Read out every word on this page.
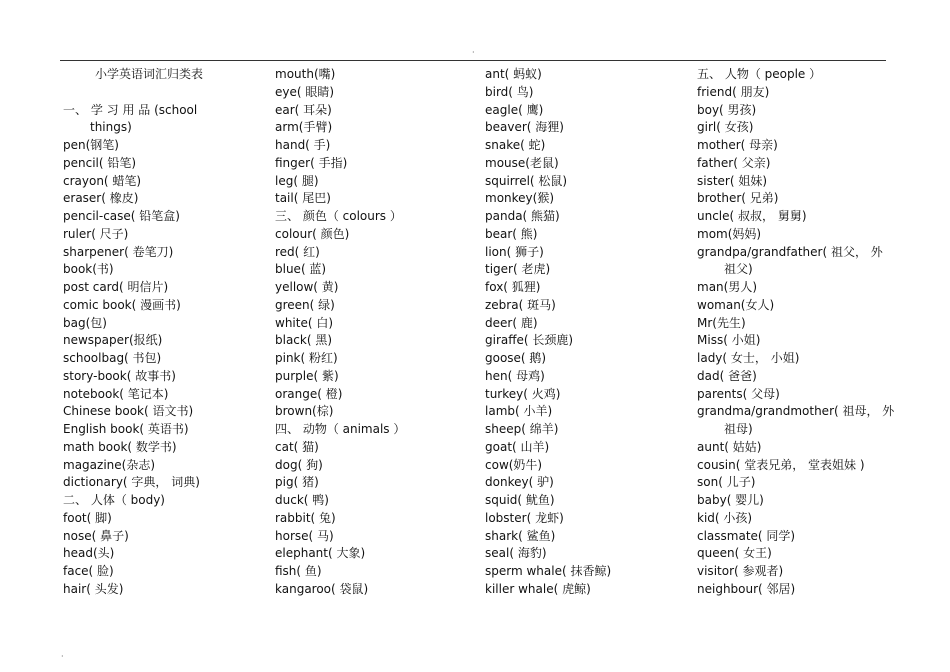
·
·
小学英语词汇归类表
一、 学 习 用 品 (school
things)
pen(钢笔)
pencil( 铅笔)
crayon( 蜡笔)
eraser( 橡皮)
pencil-case( 铅笔盒)
ruler( 尺子)
sharpener( 卷笔刀)
book(书)
post card( 明信片)
comic book( 漫画书)
bag(包)
newspaper(报纸)
schoolbag( 书包)
story-book( 故事书)
notebook( 笔记本)
Chinese book( 语文书)
English book( 英语书)
math book( 数学书)
magazine(杂志)
dictionary( 字典， 词典)
二、 人体（ body)
foot( 脚)
nose( 鼻子)
head(头)
face( 脸)
hair( 头发)
mouth(嘴)
eye( 眼睛)
ear( 耳朵)
arm(手臂)
hand( 手)
finger( 手指)
leg( 腿)
tail( 尾巴)
三、 颜色（ colours ）
colour( 颜色)
red( 红)
blue( 蓝)
yellow( 黄)
green( 绿)
white( 白)
black( 黑)
pink( 粉红)
purple( 紫)
orange( 橙)
brown(棕)
四、 动物（ animals ）
cat( 猫)
dog( 狗)
pig( 猪)
duck( 鸭)
rabbit( 兔)
horse( 马)
elephant( 大象)
fish( 鱼)
kangaroo( 袋鼠)
ant( 蚂蚁)
bird( 鸟)
eagle( 鹰)
beaver( 海狸)
snake( 蛇)
mouse(老鼠)
squirrel( 松鼠)
monkey(猴)
panda( 熊猫)
bear( 熊)
lion( 狮子)
tiger( 老虎)
fox( 狐狸)
zebra( 斑马)
deer( 鹿)
giraffe( 长颈鹿)
goose( 鹅)
hen( 母鸡)
turkey( 火鸡)
lamb( 小羊)
sheep( 绵羊)
goat( 山羊)
cow(奶牛)
donkey( 驴)
squid( 鱿鱼)
lobster( 龙虾)
shark( 鲨鱼)
seal( 海豹)
sperm whale( 抹香鲸)
killer whale( 虎鲸)
五、 人物（ people ）
friend( 朋友)
boy( 男孩)
girl( 女孩)
mother( 母亲)
father( 父亲)
sister( 姐妹)
brother( 兄弟)
uncle( 叔叔， 舅舅)
mom(妈妈)
grandpa/grandfather( 祖父， 外
祖父)
man(男人)
woman(女人)
Mr(先生)
Miss( 小姐)
lady( 女士， 小姐)
dad( 爸爸)
parents( 父母)
grandma/grandmother( 祖母， 外
祖母)
aunt( 姑姑)
cousin( 堂表兄弟， 堂表姐妹 )
son( 儿子)
baby( 婴儿)
kid( 小孩)
classmate( 同学)
queen( 女王)
visitor( 参观者)
neighbour( 邻居)
